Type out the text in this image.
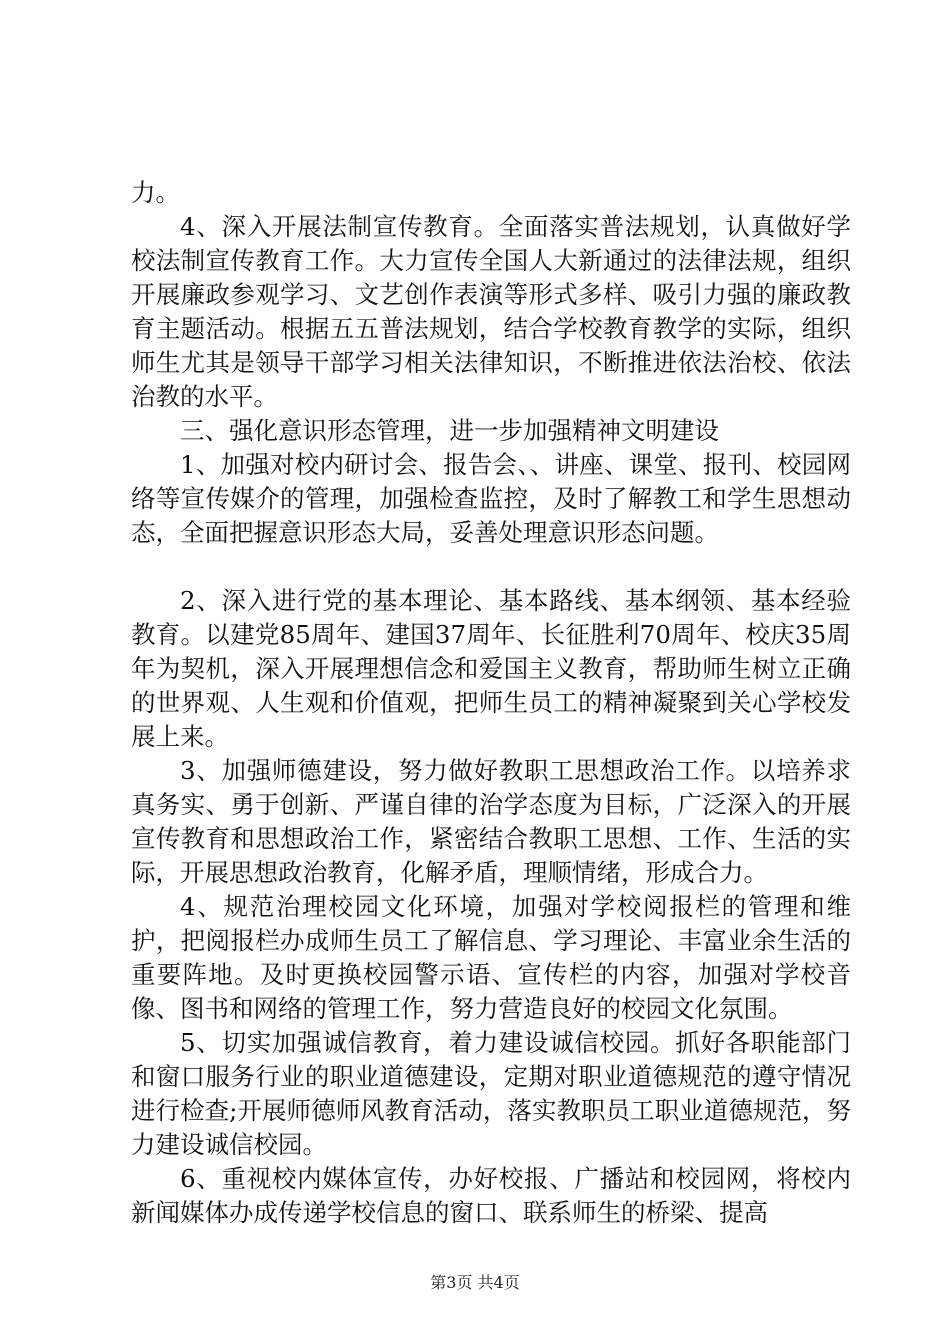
力。

4、深入开展法制宣传教育。全面落实普法规划，认真做好学校法制宣传教育工作。大力宣传全国人大新通过的法律法规，组织开展廉政参观学习、文艺创作表演等形式多样、吸引力强的廉政教育主题活动。根据五五普法规划，结合学校教育教学的实际，组织师生尤其是领导干部学习相关法律知识，不断推进依法治校、依法治教的水平。

三、强化意识形态管理，进一步加强精神文明建设

1、加强对校内研讨会、报告会、、讲座、课堂、报刊、校园网络等宣传媒介的管理，加强检查监控，及时了解教工和学生思想动态，全面把握意识形态大局，妥善处理意识形态问题。

2、深入进行党的基本理论、基本路线、基本纲领、基本经验教育。以建党85周年、建国37周年、长征胜利70周年、校庆35周年为契机，深入开展理想信念和爱国主义教育，帮助师生树立正确的世界观、人生观和价值观，把师生员工的精神凝聚到关心学校发展上来。

3、加强师德建设，努力做好教职工思想政治工作。以培养求真务实、勇于创新、严谨自律的治学态度为目标，广泛深入的开展宣传教育和思想政治工作，紧密结合教职工思想、工作、生活的实际，开展思想政治教育，化解矛盾，理顺情绪，形成合力。

4、规范治理校园文化环境，加强对学校阅报栏的管理和维护，把阅报栏办成师生员工了解信息、学习理论、丰富业余生活的重要阵地。及时更换校园警示语、宣传栏的内容，加强对学校音像、图书和网络的管理工作，努力营造良好的校园文化氛围。

5、切实加强诚信教育，着力建设诚信校园。抓好各职能部门和窗口服务行业的职业道德建设，定期对职业道德规范的遵守情况进行检查;开展师德师风教育活动，落实教职员工职业道德规范，努力建设诚信校园。

6、重视校内媒体宣传，办好校报、广播站和校园网，将校内新闻媒体办成传递学校信息的窗口、联系师生的桥梁、提高

第3页 共4页
